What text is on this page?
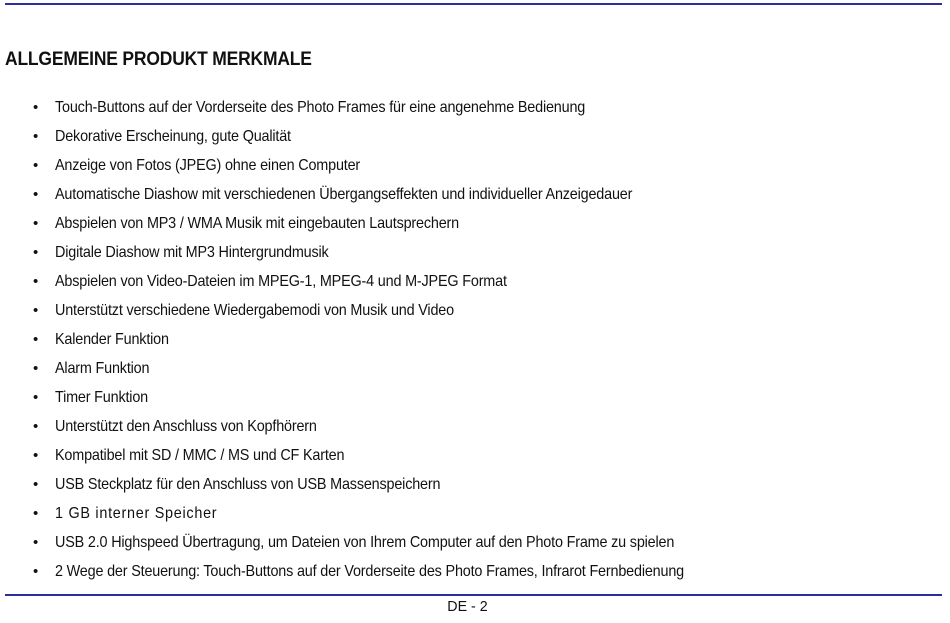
ALLGEMEINE PRODUKT MERKMALE
• Touch-Buttons auf der Vorderseite des Photo Frames für eine angenehme Bedienung
• Dekorative Erscheinung, gute Qualität
• Anzeige von Fotos (JPEG) ohne einen Computer
• Automatische Diashow mit verschiedenen Übergangseffekten und individueller Anzeigedauer
• Abspielen von MP3 / WMA Musik mit eingebauten Lautsprechern
• Digitale Diashow mit MP3 Hintergrundmusik
• Abspielen von Video-Dateien im MPEG-1, MPEG-4 und M-JPEG Format
• Unterstützt verschiedene Wiedergabemodi von Musik und Video
• Kalender Funktion
• Alarm Funktion
• Timer Funktion
• Unterstützt den Anschluss von Kopfhörern
• Kompatibel mit SD / MMC / MS und CF Karten
• USB Steckplatz für den Anschluss von USB Massenspeichern
• 1 GB interner Speicher
• USB 2.0 Highspeed Übertragung, um Dateien von Ihrem Computer auf den Photo Frame zu spielen
• 2 Wege der Steuerung: Touch-Buttons auf der Vorderseite des Photo Frames, Infrarot Fernbedienung
DE - 2
